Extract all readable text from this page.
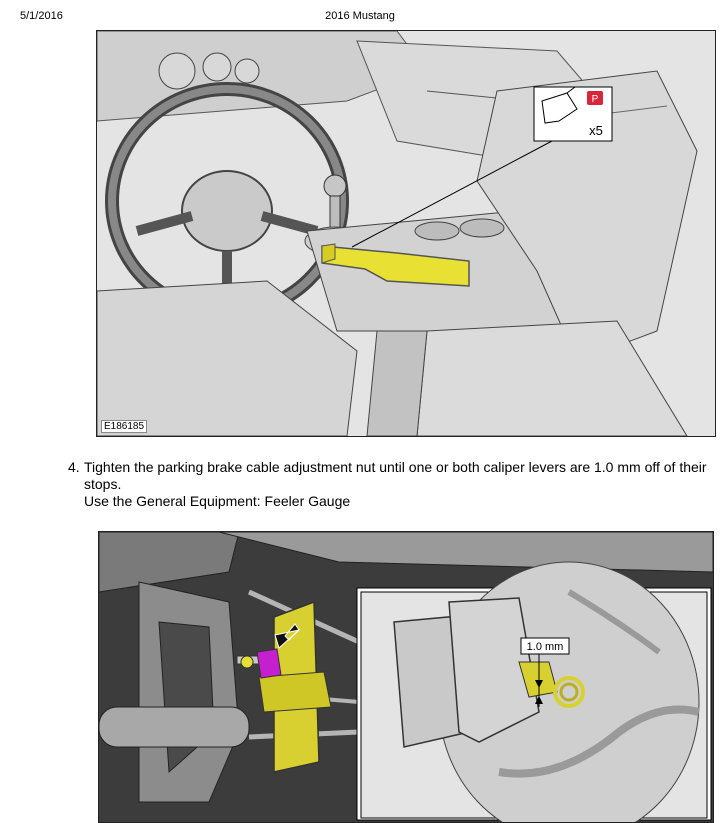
5/1/2016	2016 Mustang
P
x5
E186185
4. Tighten the parking brake cable adjustment nut until one or both caliper levers are 1.0 mm off of their stops.
Use the General Equipment: Feeler Gauge
1.0 mm
